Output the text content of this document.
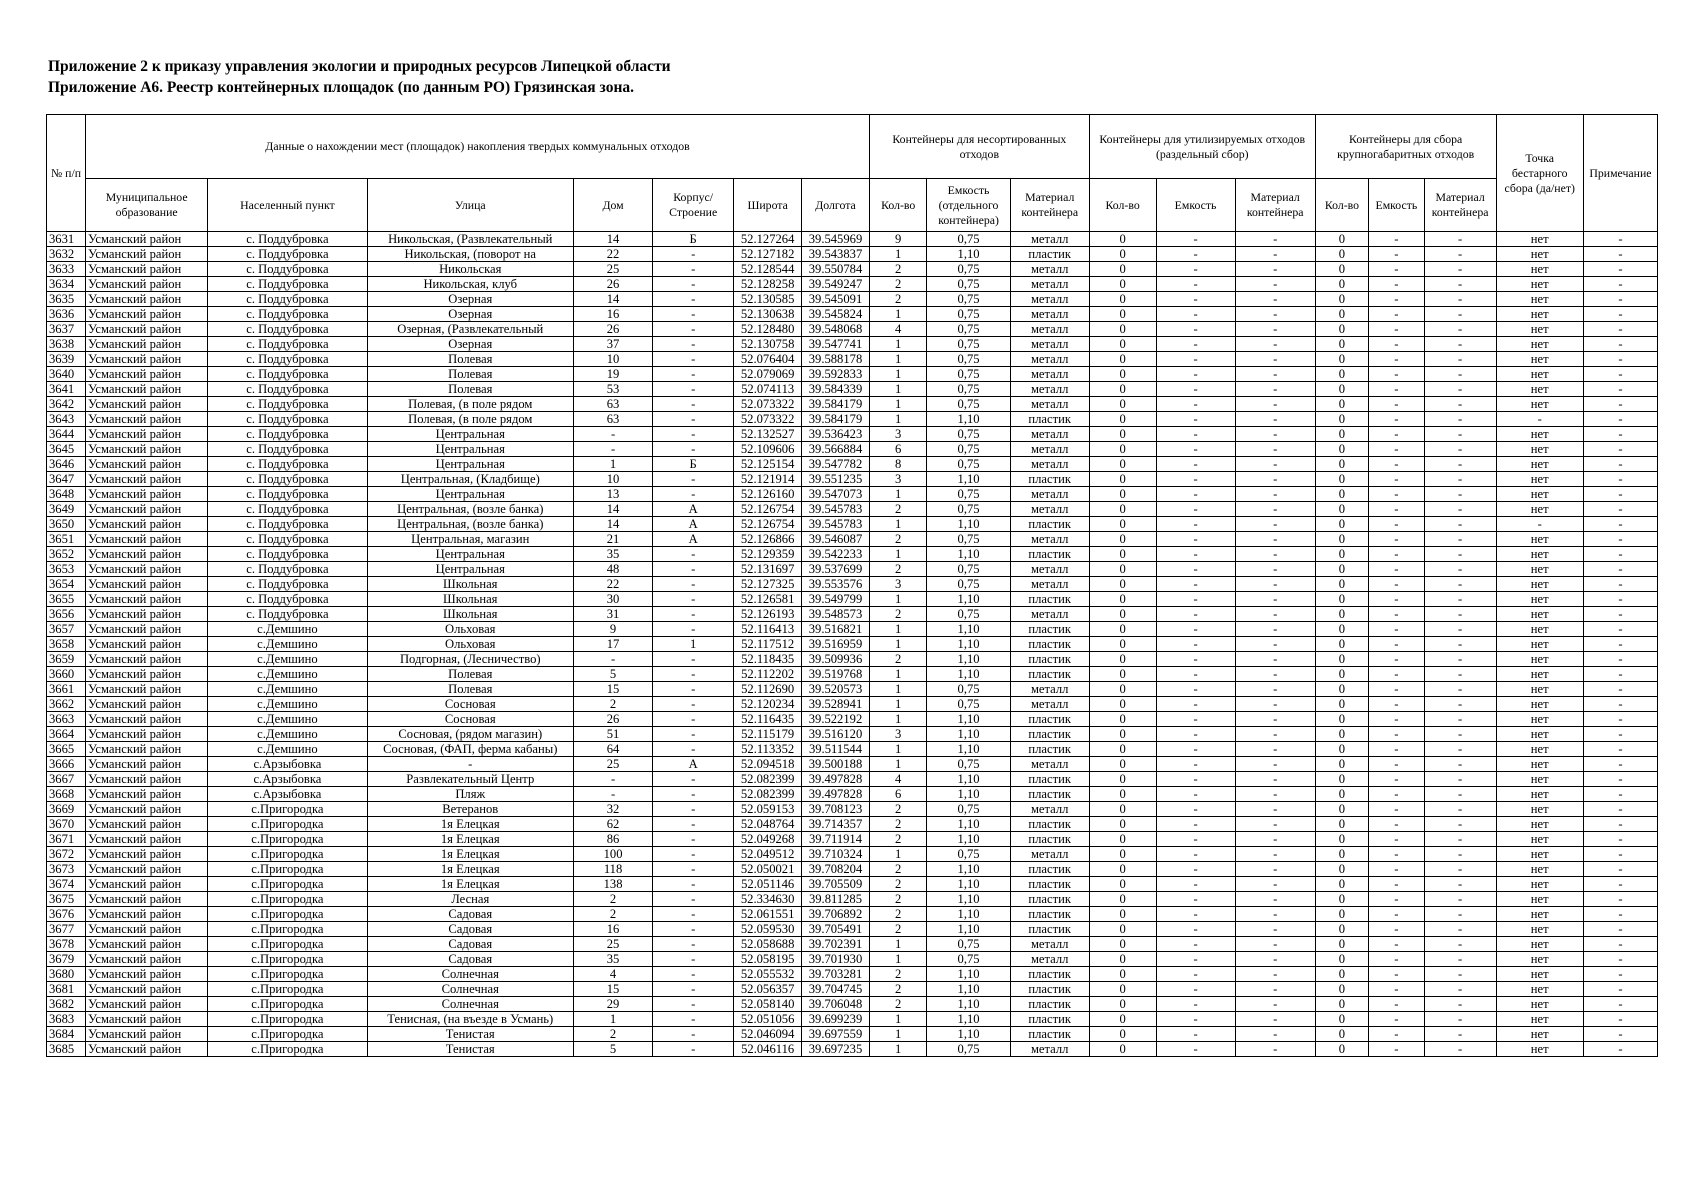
Приложение 2 к приказу управления экологии и природных ресурсов Липецкой области
Приложение А6. Реестр контейнерных площадок (по данным РО) Грязинская зона.
№ п/п	Данные о нахождении мест (площадок) накопления твердых коммунальных отходов							Контейнеры для несортированных отходов			Контейнеры для утилизируемых отходов (раздельный сбор)			Контейнеры для сбора крупногабаритных отходов			Точка бестарного сбора (да/нет)	Примечание
	Муниципальное образование	Населенный пункт	Улица	Дом	Корпус/ Строение	Широта	Долгота	Кол-во	Емкость (отдельного контейнера)	Материал контейнера	Кол-во	Емкость	Материал контейнера	Кол-во	Емкость	Материал контейнера		
3631	Усманский район	с. Поддубровка	Никольская, (Развлекательный	14	Б	52.127264	39.545969	9	0,75	металл	0	-	-	0	-	-	нет	-
3632	Усманский район	с. Поддубровка	Никольская, (поворот на	22	-	52.127182	39.543837	1	1,10	пластик	0	-	-	0	-	-	нет	-
3633	Усманский район	с. Поддубровка	Никольская	25	-	52.128544	39.550784	2	0,75	металл	0	-	-	0	-	-	нет	-
3634	Усманский район	с. Поддубровка	Никольская, клуб	26	-	52.128258	39.549247	2	0,75	металл	0	-	-	0	-	-	нет	-
3635	Усманский район	с. Поддубровка	Озерная	14	-	52.130585	39.545091	2	0,75	металл	0	-	-	0	-	-	нет	-
3636	Усманский район	с. Поддубровка	Озерная	16	-	52.130638	39.545824	1	0,75	металл	0	-	-	0	-	-	нет	-
3637	Усманский район	с. Поддубровка	Озерная, (Развлекательный	26	-	52.128480	39.548068	4	0,75	металл	0	-	-	0	-	-	нет	-
3638	Усманский район	с. Поддубровка	Озерная	37	-	52.130758	39.547741	1	0,75	металл	0	-	-	0	-	-	нет	-
3639	Усманский район	с. Поддубровка	Полевая	10	-	52.076404	39.588178	1	0,75	металл	0	-	-	0	-	-	нет	-
3640	Усманский район	с. Поддубровка	Полевая	19	-	52.079069	39.592833	1	0,75	металл	0	-	-	0	-	-	нет	-
3641	Усманский район	с. Поддубровка	Полевая	53	-	52.074113	39.584339	1	0,75	металл	0	-	-	0	-	-	нет	-
3642	Усманский район	с. Поддубровка	Полевая, (в поле рядом	63	-	52.073322	39.584179	1	0,75	металл	0	-	-	0	-	-	нет	-
3643	Усманский район	с. Поддубровка	Полевая, (в поле рядом	63	-	52.073322	39.584179	1	1,10	пластик	0	-	-	0	-	-	-	-
3644	Усманский район	с. Поддубровка	Центральная	-	-	52.132527	39.536423	3	0,75	металл	0	-	-	0	-	-	нет	-
3645	Усманский район	с. Поддубровка	Центральная	-	-	52.109606	39.566884	6	0,75	металл	0	-	-	0	-	-	нет	-
3646	Усманский район	с. Поддубровка	Центральная	1	Б	52.125154	39.547782	8	0,75	металл	0	-	-	0	-	-	нет	-
3647	Усманский район	с. Поддубровка	Центральная, (Кладбище)	10	-	52.121914	39.551235	3	1,10	пластик	0	-	-	0	-	-	нет	-
3648	Усманский район	с. Поддубровка	Центральная	13	-	52.126160	39.547073	1	0,75	металл	0	-	-	0	-	-	нет	-
3649	Усманский район	с. Поддубровка	Центральная, (возле банка)	14	А	52.126754	39.545783	2	0,75	металл	0	-	-	0	-	-	нет	-
3650	Усманский район	с. Поддубровка	Центральная, (возле банка)	14	А	52.126754	39.545783	1	1,10	пластик	0	-	-	0	-	-	-	-
3651	Усманский район	с. Поддубровка	Центральная, магазин	21	А	52.126866	39.546087	2	0,75	металл	0	-	-	0	-	-	нет	-
3652	Усманский район	с. Поддубровка	Центральная	35	-	52.129359	39.542233	1	1,10	пластик	0	-	-	0	-	-	нет	-
3653	Усманский район	с. Поддубровка	Центральная	48	-	52.131697	39.537699	2	0,75	металл	0	-	-	0	-	-	нет	-
3654	Усманский район	с. Поддубровка	Школьная	22	-	52.127325	39.553576	3	0,75	металл	0	-	-	0	-	-	нет	-
3655	Усманский район	с. Поддубровка	Школьная	30	-	52.126581	39.549799	1	1,10	пластик	0	-	-	0	-	-	нет	-
3656	Усманский район	с. Поддубровка	Школьная	31	-	52.126193	39.548573	2	0,75	металл	0	-	-	0	-	-	нет	-
3657	Усманский район	с.Демшино	Ольховая	9	-	52.116413	39.516821	1	1,10	пластик	0	-	-	0	-	-	нет	-
3658	Усманский район	с.Демшино	Ольховая	17	1	52.117512	39.516959	1	1,10	пластик	0	-	-	0	-	-	нет	-
3659	Усманский район	с.Демшино	Подгорная, (Лесничество)	-	-	52.118435	39.509936	2	1,10	пластик	0	-	-	0	-	-	нет	-
3660	Усманский район	с.Демшино	Полевая	5	-	52.112202	39.519768	1	1,10	пластик	0	-	-	0	-	-	нет	-
3661	Усманский район	с.Демшино	Полевая	15	-	52.112690	39.520573	1	0,75	металл	0	-	-	0	-	-	нет	-
3662	Усманский район	с.Демшино	Сосновая	2	-	52.120234	39.528941	1	0,75	металл	0	-	-	0	-	-	нет	-
3663	Усманский район	с.Демшино	Сосновая	26	-	52.116435	39.522192	1	1,10	пластик	0	-	-	0	-	-	нет	-
3664	Усманский район	с.Демшино	Сосновая, (рядом магазин)	51	-	52.115179	39.516120	3	1,10	пластик	0	-	-	0	-	-	нет	-
3665	Усманский район	с.Демшино	Сосновая, (ФАП, ферма кабаны)	64	-	52.113352	39.511544	1	1,10	пластик	0	-	-	0	-	-	нет	-
3666	Усманский район	с.Арзыбовка	-	25	А	52.094518	39.500188	1	0,75	металл	0	-	-	0	-	-	нет	-
3667	Усманский район	с.Арзыбовка	Развлекательный Центр	-	-	52.082399	39.497828	4	1,10	пластик	0	-	-	0	-	-	нет	-
3668	Усманский район	с.Арзыбовка	Пляж	-	-	52.082399	39.497828	6	1,10	пластик	0	-	-	0	-	-	нет	-
3669	Усманский район	с.Пригородка	Ветеранов	32	-	52.059153	39.708123	2	0,75	металл	0	-	-	0	-	-	нет	-
3670	Усманский район	с.Пригородка	1я Елецкая	62	-	52.048764	39.714357	2	1,10	пластик	0	-	-	0	-	-	нет	-
3671	Усманский район	с.Пригородка	1я Елецкая	86	-	52.049268	39.711914	2	1,10	пластик	0	-	-	0	-	-	нет	-
3672	Усманский район	с.Пригородка	1я Елецкая	100	-	52.049512	39.710324	1	0,75	металл	0	-	-	0	-	-	нет	-
3673	Усманский район	с.Пригородка	1я Елецкая	118	-	52.050021	39.708204	2	1,10	пластик	0	-	-	0	-	-	нет	-
3674	Усманский район	с.Пригородка	1я Елецкая	138	-	52.051146	39.705509	2	1,10	пластик	0	-	-	0	-	-	нет	-
3675	Усманский район	с.Пригородка	Лесная	2	-	52.334630	39.811285	2	1,10	пластик	0	-	-	0	-	-	нет	-
3676	Усманский район	с.Пригородка	Садовая	2	-	52.061551	39.706892	2	1,10	пластик	0	-	-	0	-	-	нет	-
3677	Усманский район	с.Пригородка	Садовая	16	-	52.059530	39.705491	2	1,10	пластик	0	-	-	0	-	-	нет	-
3678	Усманский район	с.Пригородка	Садовая	25	-	52.058688	39.702391	1	0,75	металл	0	-	-	0	-	-	нет	-
3679	Усманский район	с.Пригородка	Садовая	35	-	52.058195	39.701930	1	0,75	металл	0	-	-	0	-	-	нет	-
3680	Усманский район	с.Пригородка	Солнечная	4	-	52.055532	39.703281	2	1,10	пластик	0	-	-	0	-	-	нет	-
3681	Усманский район	с.Пригородка	Солнечная	15	-	52.056357	39.704745	2	1,10	пластик	0	-	-	0	-	-	нет	-
3682	Усманский район	с.Пригородка	Солнечная	29	-	52.058140	39.706048	2	1,10	пластик	0	-	-	0	-	-	нет	-
3683	Усманский район	с.Пригородка	Тенисная, (на въезде в Усмань)	1	-	52.051056	39.699239	1	1,10	пластик	0	-	-	0	-	-	нет	-
3684	Усманский район	с.Пригородка	Тенистая	2	-	52.046094	39.697559	1	1,10	пластик	0	-	-	0	-	-	нет	-
3685	Усманский район	с.Пригородка	Тенистая	5	-	52.046116	39.697235	1	0,75	металл	0	-	-	0	-	-	нет	-
